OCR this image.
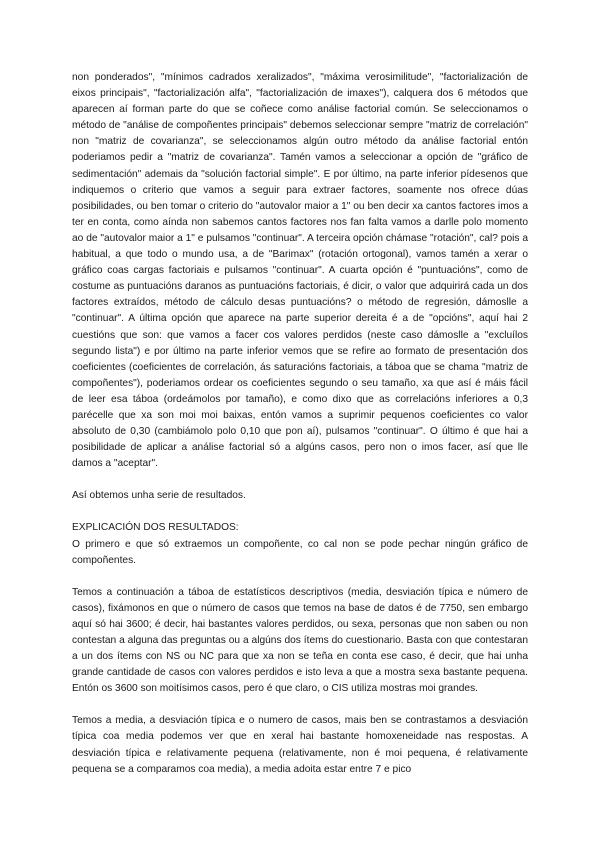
non ponderados", "mínimos cadrados xeralizados", "máxima verosimilitude", "factorialización de eixos principais", "factorialización alfa", "factorialización de imaxes"), calquera dos 6 métodos que aparecen aí forman parte do que se coñece como análise factorial común. Se seleccionamos o método de "análise de compoñentes principais" debemos seleccionar sempre "matriz de correlación" non "matriz de covarianza", se seleccionamos algún outro método da análise factorial entón poderiamos pedir a "matriz de covarianza". Tamén vamos a seleccionar a opción de "gráfico de sedimentación" ademais da "solución factorial simple". E por último, na parte inferior pídesenos que indiquemos o criterio que vamos a seguir para extraer factores, soamente nos ofrece dúas posibilidades, ou ben tomar o criterio do "autovalor maior a 1" ou ben decir xa cantos factores imos a ter en conta, como aínda non sabemos cantos factores nos fan falta vamos a darlle polo momento ao de "autovalor maior a 1" e pulsamos "continuar". A terceira opción chámase "rotación", cal? pois a habitual, a que todo o mundo usa, a de "Barimax" (rotación ortogonal), vamos tamén a xerar o gráfico coas cargas factoriais e pulsamos "continuar". A cuarta opción é "puntuacións", como de costume as puntuacións daranos as puntuacións factoriais, é dicir, o valor que adquirirá cada un dos factores extraídos, método de cálculo desas puntuacións? o método de regresión, dámoslle a "continuar". A última opción que aparece na parte superior dereita é a de "opcións", aquí hai 2 cuestións que son: que vamos a facer cos valores perdidos (neste caso dámoslle a "excluílos segundo lista") e por último na parte inferior vemos que se refire ao formato de presentación dos coeficientes (coeficientes de correlación, ás saturacións factoriais, a táboa que se chama "matriz de compoñentes"), poderiamos ordear os coeficientes segundo o seu tamaño, xa que así é máis fácil de leer esa táboa (ordeámolos por tamaño), e como dixo que as correlacións inferiores a 0,3 parécelle que xa son moi moi baixas, entón vamos a suprimir pequenos coeficientes co valor absoluto de 0,30 (cambiámolo polo 0,10 que pon aí), pulsamos "continuar". O último é que hai a posibilidade de aplicar a análise factorial só a algúns casos, pero non o imos facer, así que lle damos a "aceptar".

Así obtemos unha serie de resultados.

EXPLICACIÓN DOS RESULTADOS:

O primero e que só extraemos un compoñente, co cal non se pode pechar ningún gráfico de compoñentes.

Temos a continuación a táboa de estatísticos descriptivos (media, desviación típica e número de casos), fixámonos en que o número de casos que temos na base de datos é de 7750, sen embargo aquí só hai 3600; é decir, hai bastantes valores perdidos, ou sexa, personas que non saben ou non contestan a alguna das preguntas ou a algúns dos ítems do cuestionario. Basta con que contestaran a un dos ítems con NS ou NC para que xa non se teña en conta ese caso, é decir, que hai unha grande cantidade de casos con valores perdidos e isto leva a que a mostra sexa bastante pequena. Entón os 3600 son moitísimos casos, pero é que claro, o CIS utiliza mostras moi grandes.

Temos a media, a desviación típica e o numero de casos, mais ben se contrastamos a desviación típica coa media podemos ver que en xeral hai bastante homoxeneidade nas respostas. A desviación típica e relativamente pequena (relativamente, non é moi pequena, é relativamente pequena se a comparamos coa media), a media adoita estar entre 7 e pico
